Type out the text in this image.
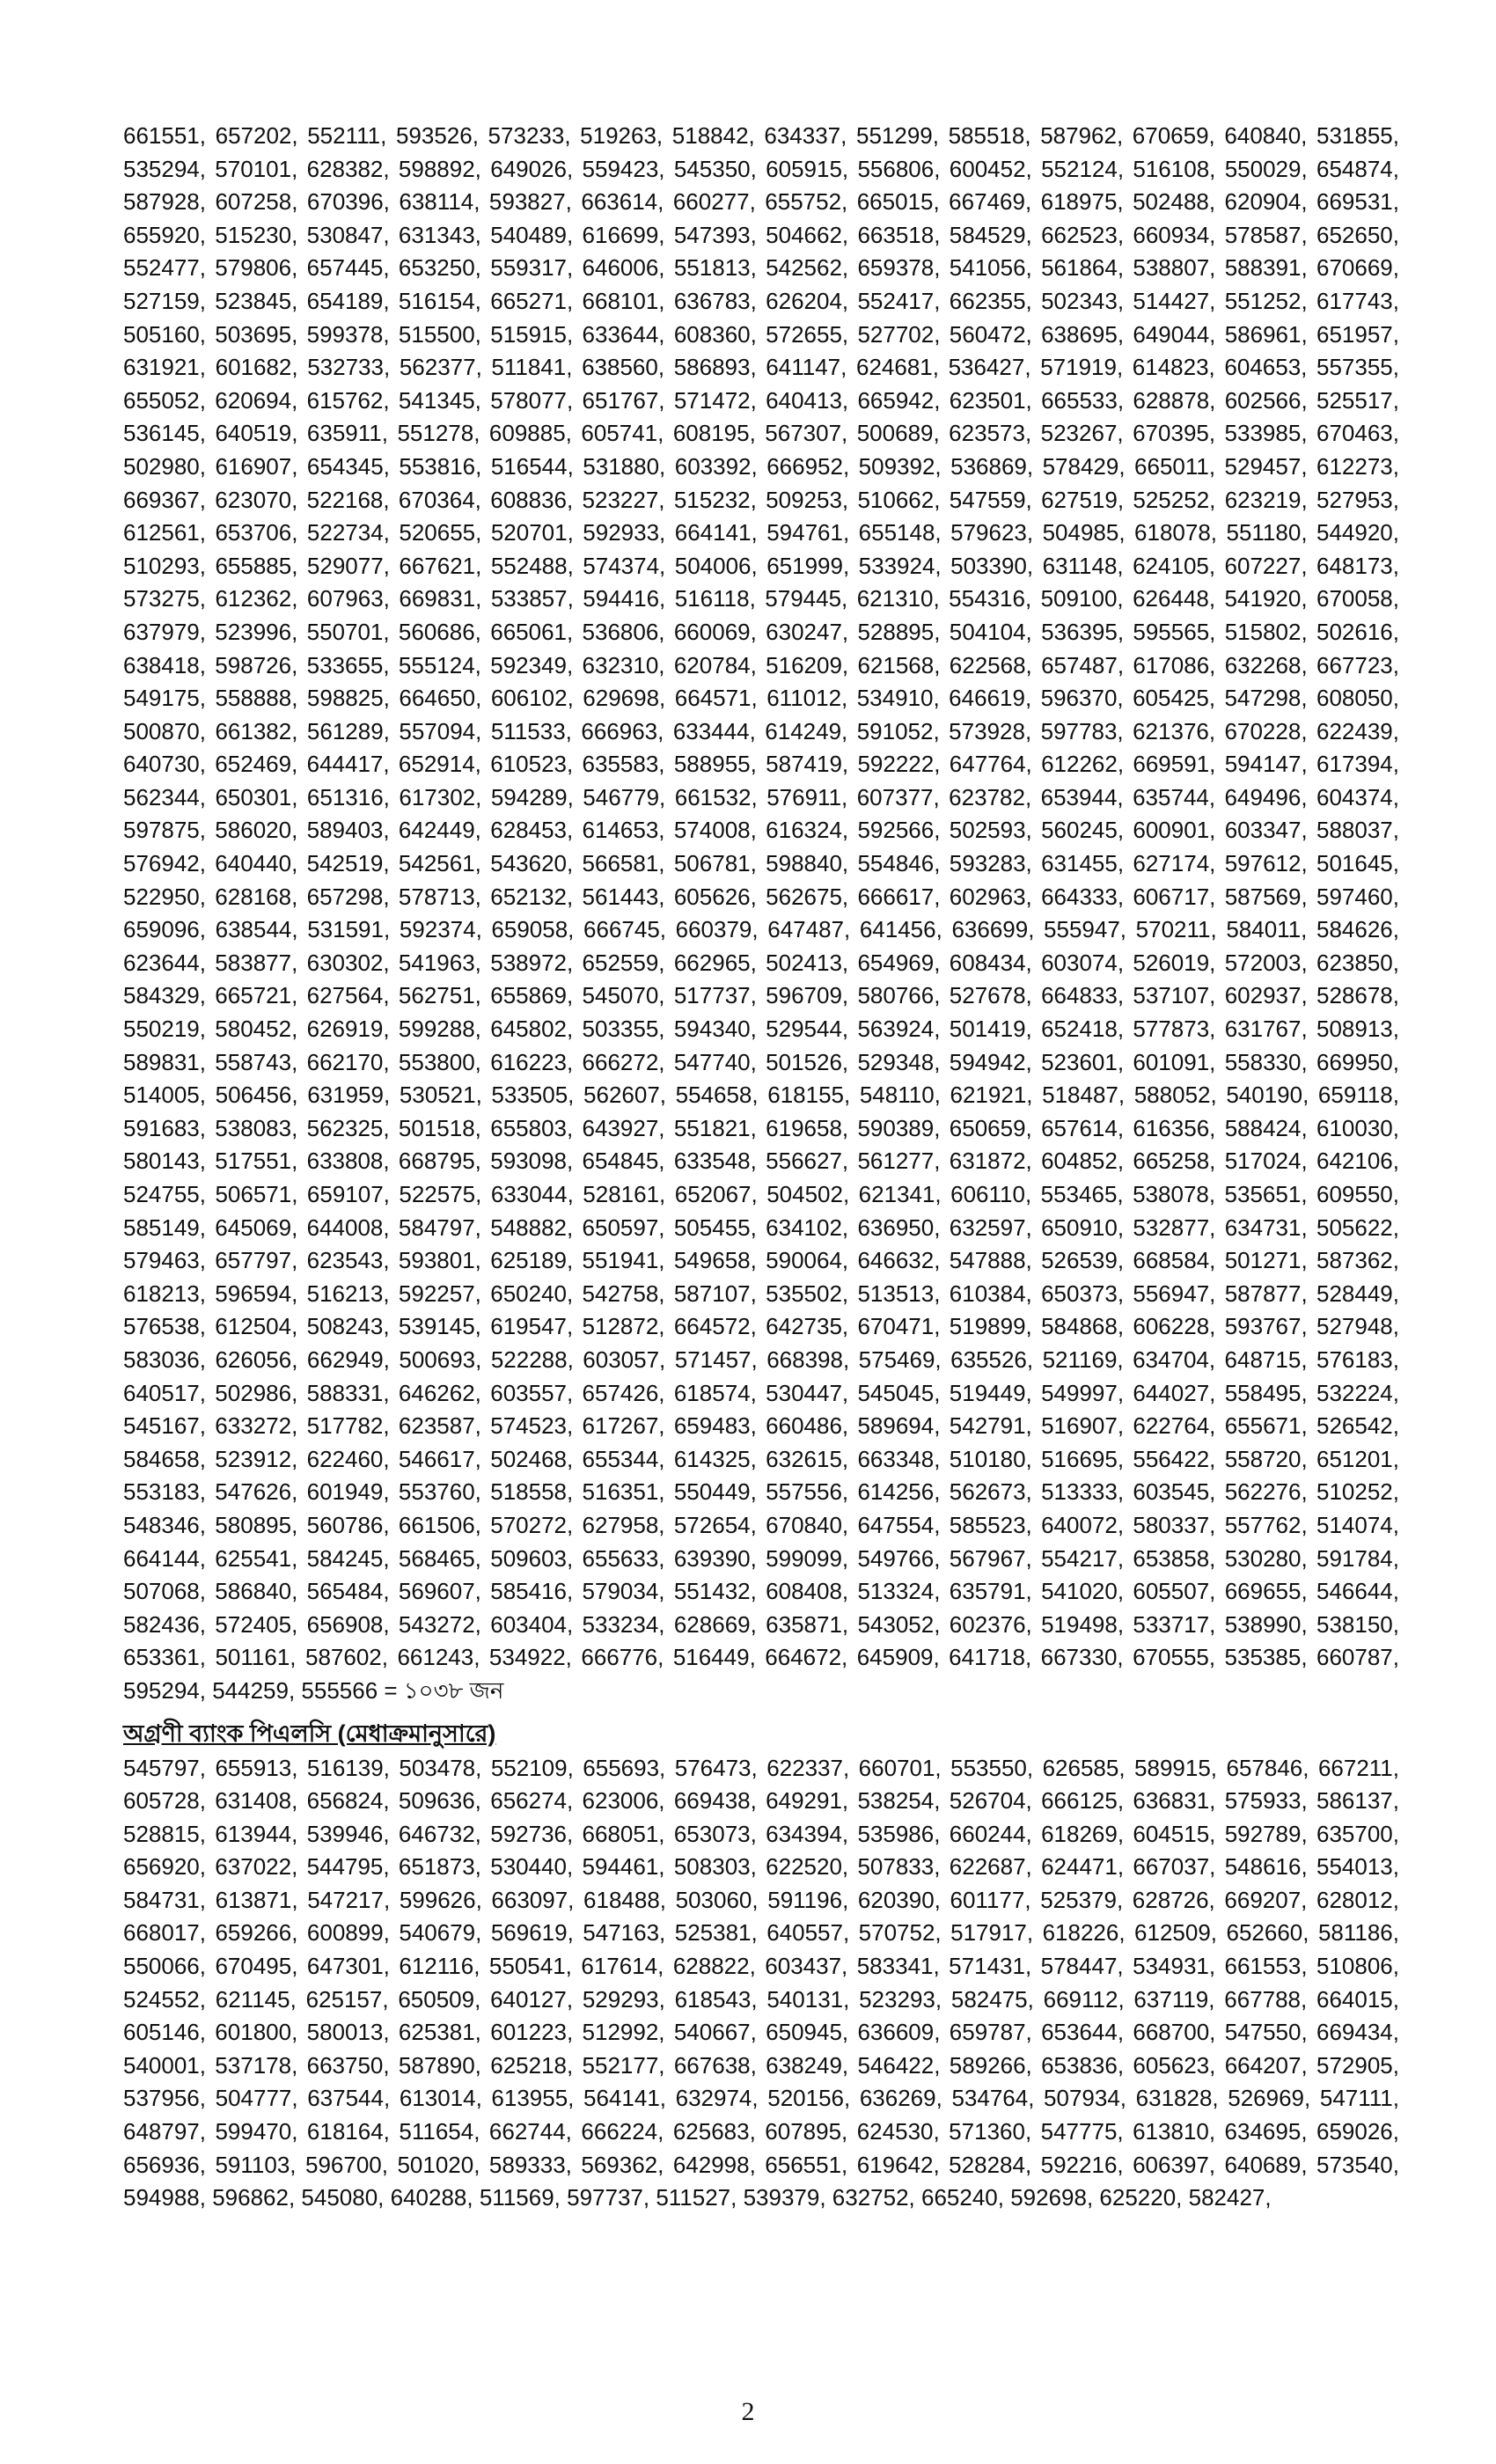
661551, 657202, 552111, 593526, 573233, 519263, 518842, 634337, 551299, 585518, 587962, 670659, 640840, 531855, 535294, 570101, 628382, 598892, 649026, 559423, 545350, 605915, 556806, 600452, 552124, 516108, 550029, 654874, 587928, 607258, 670396, 638114, 593827, 663614, 660277, 655752, 665015, 667469, 618975, 502488, 620904, 669531, 655920, 515230, 530847, 631343, 540489, 616699, 547393, 504662, 663518, 584529, 662523, 660934, 578587, 652650, 552477, 579806, 657445, 653250, 559317, 646006, 551813, 542562, 659378, 541056, 561864, 538807, 588391, 670669, 527159, 523845, 654189, 516154, 665271, 668101, 636783, 626204, 552417, 662355, 502343, 514427, 551252, 617743, 505160, 503695, 599378, 515500, 515915, 633644, 608360, 572655, 527702, 560472, 638695, 649044, 586961, 651957, 631921, 601682, 532733, 562377, 511841, 638560, 586893, 641147, 624681, 536427, 571919, 614823, 604653, 557355, 655052, 620694, 615762, 541345, 578077, 651767, 571472, 640413, 665942, 623501, 665533, 628878, 602566, 525517, 536145, 640519, 635911, 551278, 609885, 605741, 608195, 567307, 500689, 623573, 523267, 670395, 533985, 670463, 502980, 616907, 654345, 553816, 516544, 531880, 603392, 666952, 509392, 536869, 578429, 665011, 529457, 612273, 669367, 623070, 522168, 670364, 608836, 523227, 515232, 509253, 510662, 547559, 627519, 525252, 623219, 527953, 612561, 653706, 522734, 520655, 520701, 592933, 664141, 594761, 655148, 579623, 504985, 618078, 551180, 544920, 510293, 655885, 529077, 667621, 552488, 574374, 504006, 651999, 533924, 503390, 631148, 624105, 607227, 648173, 573275, 612362, 607963, 669831, 533857, 594416, 516118, 579445, 621310, 554316, 509100, 626448, 541920, 670058, 637979, 523996, 550701, 560686, 665061, 536806, 660069, 630247, 528895, 504104, 536395, 595565, 515802, 502616, 638418, 598726, 533655, 555124, 592349, 632310, 620784, 516209, 621568, 622568, 657487, 617086, 632268, 667723, 549175, 558888, 598825, 664650, 606102, 629698, 664571, 611012, 534910, 646619, 596370, 605425, 547298, 608050, 500870, 661382, 561289, 557094, 511533, 666963, 633444, 614249, 591052, 573928, 597783, 621376, 670228, 622439, 640730, 652469, 644417, 652914, 610523, 635583, 588955, 587419, 592222, 647764, 612262, 669591, 594147, 617394, 562344, 650301, 651316, 617302, 594289, 546779, 661532, 576911, 607377, 623782, 653944, 635744, 649496, 604374, 597875, 586020, 589403, 642449, 628453, 614653, 574008, 616324, 592566, 502593, 560245, 600901, 603347, 588037, 576942, 640440, 542519, 542561, 543620, 566581, 506781, 598840, 554846, 593283, 631455, 627174, 597612, 501645, 522950, 628168, 657298, 578713, 652132, 561443, 605626, 562675, 666617, 602963, 664333, 606717, 587569, 597460, 659096, 638544, 531591, 592374, 659058, 666745, 660379, 647487, 641456, 636699, 555947, 570211, 584011, 584626, 623644, 583877, 630302, 541963, 538972, 652559, 662965, 502413, 654969, 608434, 603074, 526019, 572003, 623850, 584329, 665721, 627564, 562751, 655869, 545070, 517737, 596709, 580766, 527678, 664833, 537107, 602937, 528678, 550219, 580452, 626919, 599288, 645802, 503355, 594340, 529544, 563924, 501419, 652418, 577873, 631767, 508913, 589831, 558743, 662170, 553800, 616223, 666272, 547740, 501526, 529348, 594942, 523601, 601091, 558330, 669950, 514005, 506456, 631959, 530521, 533505, 562607, 554658, 618155, 548110, 621921, 518487, 588052, 540190, 659118, 591683, 538083, 562325, 501518, 655803, 643927, 551821, 619658, 590389, 650659, 657614, 616356, 588424, 610030, 580143, 517551, 633808, 668795, 593098, 654845, 633548, 556627, 561277, 631872, 604852, 665258, 517024, 642106, 524755, 506571, 659107, 522575, 633044, 528161, 652067, 504502, 621341, 606110, 553465, 538078, 535651, 609550, 585149, 645069, 644008, 584797, 548882, 650597, 505455, 634102, 636950, 632597, 650910, 532877, 634731, 505622, 579463, 657797, 623543, 593801, 625189, 551941, 549658, 590064, 646632, 547888, 526539, 668584, 501271, 587362, 618213, 596594, 516213, 592257, 650240, 542758, 587107, 535502, 513513, 610384, 650373, 556947, 587877, 528449, 576538, 612504, 508243, 539145, 619547, 512872, 664572, 642735, 670471, 519899, 584868, 606228, 593767, 527948, 583036, 626056, 662949, 500693, 522288, 603057, 571457, 668398, 575469, 635526, 521169, 634704, 648715, 576183, 640517, 502986, 588331, 646262, 603557, 657426, 618574, 530447, 545045, 519449, 549997, 644027, 558495, 532224, 545167, 633272, 517782, 623587, 574523, 617267, 659483, 660486, 589694, 542791, 516907, 622764, 655671, 526542, 584658, 523912, 622460, 546617, 502468, 655344, 614325, 632615, 663348, 510180, 516695, 556422, 558720, 651201, 553183, 547626, 601949, 553760, 518558, 516351, 550449, 557556, 614256, 562673, 513333, 603545, 562276, 510252, 548346, 580895, 560786, 661506, 570272, 627958, 572654, 670840, 647554, 585523, 640072, 580337, 557762, 514074, 664144, 625541, 584245, 568465, 509603, 655633, 639390, 599099, 549766, 567967, 554217, 653858, 530280, 591784, 507068, 586840, 565484, 569607, 585416, 579034, 551432, 608408, 513324, 635791, 541020, 605507, 669655, 546644, 582436, 572405, 656908, 543272, 603404, 533234, 628669, 635871, 543052, 602376, 519498, 533717, 538990, 538150, 653361, 501161, 587602, 661243, 534922, 666776, 516449, 664672, 645909, 641718, 667330, 670555, 535385, 660787, 595294, 544259, 555566 = ১০৩৮ জন
অগ্রণী ব্যাংক পিএলসি (মেধাক্রমানুসারে)
545797, 655913, 516139, 503478, 552109, 655693, 576473, 622337, 660701, 553550, 626585, 589915, 657846, 667211, 605728, 631408, 656824, 509636, 656274, 623006, 669438, 649291, 538254, 526704, 666125, 636831, 575933, 586137, 528815, 613944, 539946, 646732, 592736, 668051, 653073, 634394, 535986, 660244, 618269, 604515, 592789, 635700, 656920, 637022, 544795, 651873, 530440, 594461, 508303, 622520, 507833, 622687, 624471, 667037, 548616, 554013, 584731, 613871, 547217, 599626, 663097, 618488, 503060, 591196, 620390, 601177, 525379, 628726, 669207, 628012, 668017, 659266, 600899, 540679, 569619, 547163, 525381, 640557, 570752, 517917, 618226, 612509, 652660, 581186, 550066, 670495, 647301, 612116, 550541, 617614, 628822, 603437, 583341, 571431, 578447, 534931, 661553, 510806, 524552, 621145, 625157, 650509, 640127, 529293, 618543, 540131, 523293, 582475, 669112, 637119, 667788, 664015, 605146, 601800, 580013, 625381, 601223, 512992, 540667, 650945, 636609, 659787, 653644, 668700, 547550, 669434, 540001, 537178, 663750, 587890, 625218, 552177, 667638, 638249, 546422, 589266, 653836, 605623, 664207, 572905, 537956, 504777, 637544, 613014, 613955, 564141, 632974, 520156, 636269, 534764, 507934, 631828, 526969, 547111, 648797, 599470, 618164, 511654, 662744, 666224, 625683, 607895, 624530, 571360, 547775, 613810, 634695, 659026, 656936, 591103, 596700, 501020, 589333, 569362, 642998, 656551, 619642, 528284, 592216, 606397, 640689, 573540, 594988, 596862, 545080, 640288, 511569, 597737, 511527, 539379, 632752, 665240, 592698, 625220, 582427,
2
